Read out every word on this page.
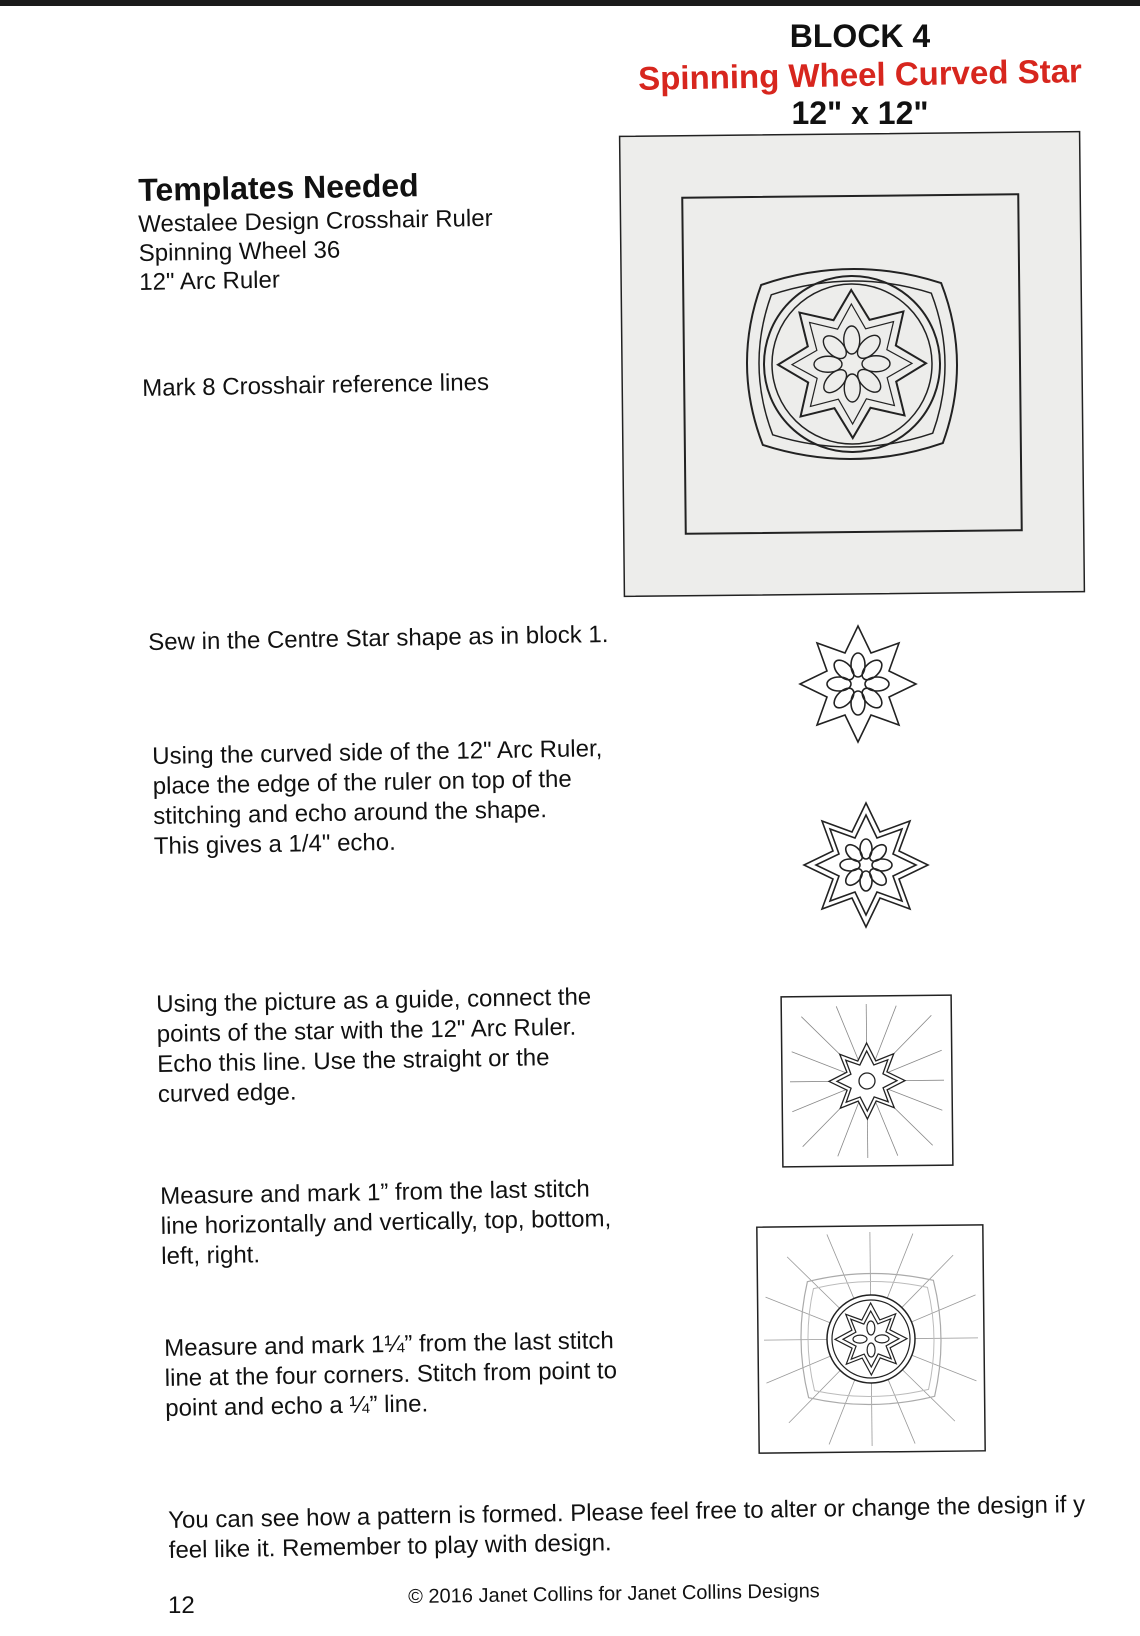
BLOCK 4
Spinning Wheel Curved Star
12" x 12"
Templates Needed
Westalee Design Crosshair Ruler
Spinning Wheel 36
12" Arc Ruler
Mark 8 Crosshair reference lines
Sew in the Centre Star shape as in block 1.
Using the curved side of the 12" Arc Ruler,
place the edge of the ruler on top of the
stitching and echo around the shape.
This gives a 1/4" echo.
Using the picture as a guide, connect the
points of the star with the 12" Arc Ruler.
Echo this line. Use the straight or the
curved edge.
Measure and mark 1” from the last stitch
line horizontally and vertically, top, bottom,
left, right.
Measure and mark 1¼” from the last stitch
line at the four corners. Stitch from point to
point and echo a ¼” line.
You can see how a pattern is formed. Please feel free to alter or change the design if y
feel like it. Remember to play with design.
12	© 2016 Janet Collins for Janet Collins Designs
